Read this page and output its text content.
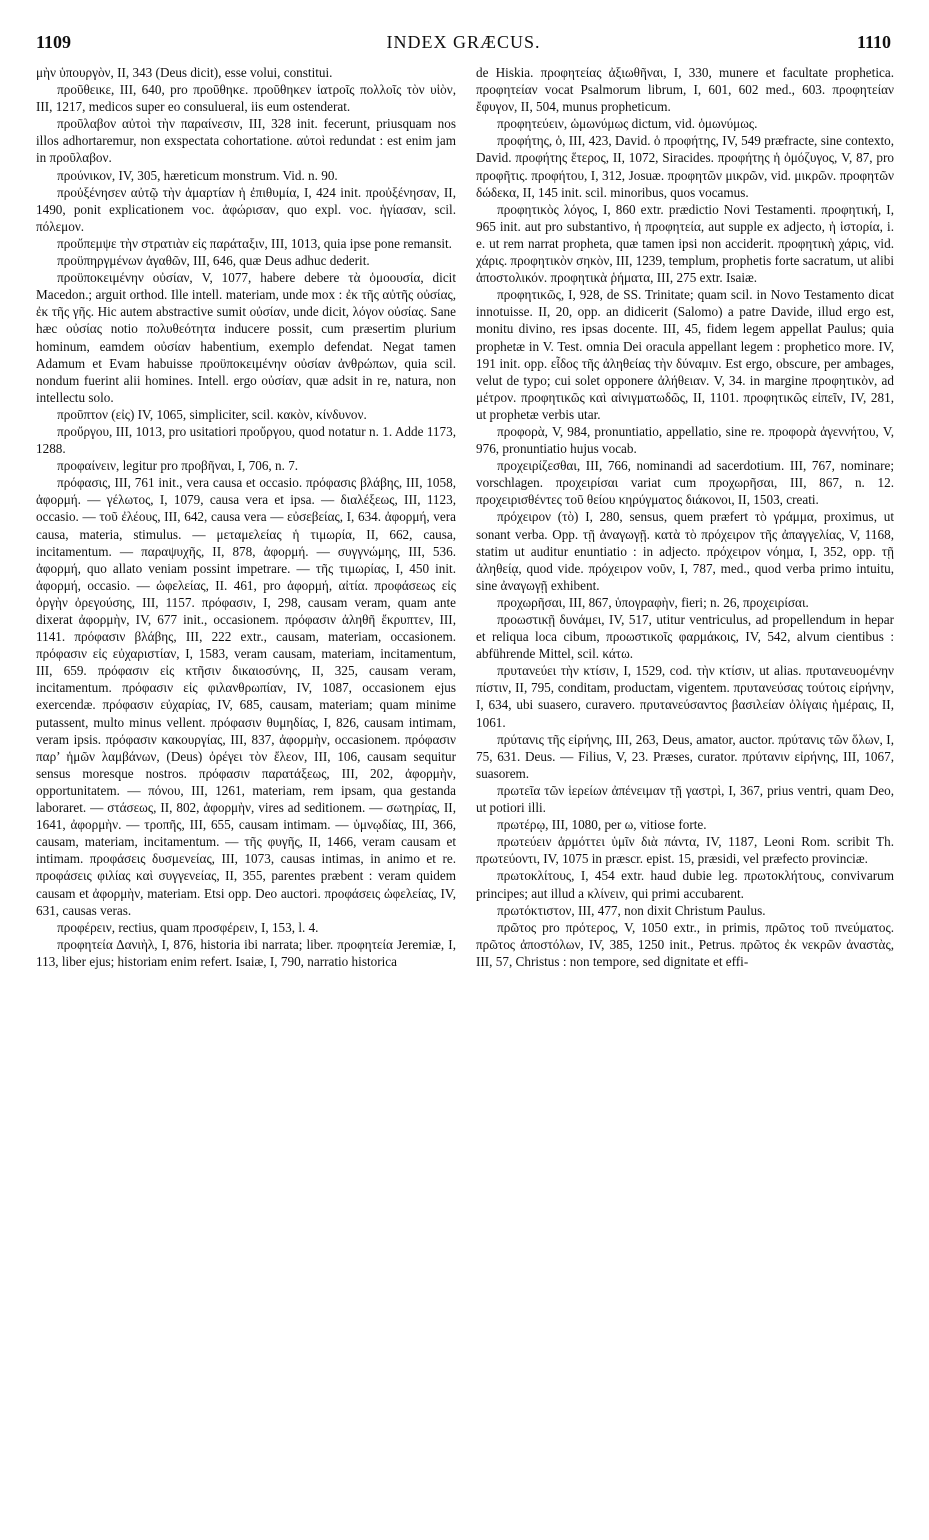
1109	INDEX GRÆCUS.	1110

μὴν ὑπουργὸν, II, 343 (Deus dicit), esse volui, constitui.

προῦθεικε, III, 640, pro προῦθηκε. προῦθηκεν ἰατροῖς πολλοῖς τὸν υἱὸν, III, 1217, medicos super eo consulueral, iis eum ostenderat.

προῦλαβον αὐτοὶ τὴν παραίνεσιν, III, 328 init. fecerunt, priusquam nos illos adhortaremur, non exspectata cohortatione. αὐτοὶ redundat : est enim jam in προῦλαβον.

προύνικον, IV, 305, hæreticum monstrum. Vid. n. 90.

προὐξένησεν αὐτῷ τὴν ἁμαρτίαν ἡ ἐπιθυμία, I, 424 init. προὐξένησαν, II, 1490, ponit explicationem voc. ἀφώρισαν, quo expl. voc. ἡγίασαν, scil. πόλεμον.

προὔπεμψε τὴν στρατιὰν εἰς παράταξιν, III, 1013, quia ipse pone remansit.

προϋπηργμένων ἀγαθῶν, III, 646, quæ Deus adhuc dederit.

προϋποκειμένην οὐσίαν, V, 1077, habere debere τὰ ὁμοουσία, dicit Macedon.; arguit orthod. Ille intell. materiam, unde mox : ἐκ τῆς αὐτῆς οὐσίας, ἐκ τῆς γῆς. Hic autem abstractive sumit οὐσίαν, unde dicit, λόγον οὐσίας. Sane hæc οὐσίας notio πολυθεότητα inducere possit, cum præsertim plurium hominum, eamdem οὐσίαν habentium, exemplo defendat. Negat tamen Adamum et Evam habuisse προϋποκειμένην οὐσίαν ἀνθρώπων, quia scil. nondum fuerint alii homines. Intell. ergo οὐσίαν, quæ adsit in re, natura, non intellectu solo.

προῦπτον (εἰς) IV, 1065, simpliciter, scil. κακὸν, κίνδυνον.

προὔργου, III, 1013, pro usitatiori προὔργου, quod notatur n. 1. Adde 1173, 1288.

προφαίνειν, legitur pro προβῆναι, I, 706, n. 7.

πρόφασις, III, 761 init., vera causa et occasio. πρόφασις βλάβης, III, 1058, ἀφορμή. — γέλωτος, I, 1079, causa vera et ipsa. — διαλέξεως, III, 1123, occasio. — τοῦ ἐλέους, III, 642, causa vera — εὐσεβείας, I, 634. ἀφορμή, vera causa, materia, stimulus. — μεταμελείας ἡ τιμωρία, II, 662, causa, incitamentum. — παραψυχῆς, II, 878, ἀφορμή. — συγγνώμης, III, 536. ἀφορμή, quo allato veniam possint impetrare. — τῆς τιμωρίας, I, 450 init. ἀφορμή, occasio. — ὠφελείας, II. 461, pro ἀφορμή, αἰτία. προφάσεως εἰς ὀργὴν ὀρεγούσης, III, 1157. πρόφασιν, I, 298, causam veram, quam ante dixerat ἀφορμὴν, IV, 677 init., occasionem. πρόφασιν ἀληθῆ ἔκρυπτεν, III, 1141. πρόφασιν βλάβης, III, 222 extr., causam, materiam, occasionem. πρόφασιν εἰς εὐχαριστίαν, I, 1583, veram causam, materiam, incitamentum, III, 659. πρόφασιν εἰς κτῆσιν δικαιοσύνης, II, 325, causam veram, incitamentum. πρόφασιν εἰς φιλανθρωπίαν, IV, 1087, occasionem ejus exercendæ. πρόφασιν εὐχαρίας, IV, 685, causam, materiam; quam minime putassent, multo minus vellent. πρόφασιν θυμηδίας, I, 826, causam intimam, veram ipsis. πρόφασιν κακουργίας, III, 837, ἀφορμὴν, occasionem. πρόφασιν παρ’ ἡμῶν λαμβάνων, (Deus) ὀρέγει τὸν ἔλεον, III, 106, causam sequitur sensus moresque nostros. πρόφασιν παρατάξεως, III, 202, ἀφορμὴν, opportunitatem. — πόνου, III, 1261, materiam, rem ipsam, qua gestanda laboraret. — στάσεως, II, 802, ἀφορμὴν, vires ad seditionem. — σωτηρίας, II, 1641, ἀφορμὴν. — τροπῆς, III, 655, causam intimam. — ὑμνῳδίας, III, 366, causam, materiam, incitamentum. — τῆς φυγῆς, II, 1466, veram causam et intimam. προφάσεις δυσμενείας, III, 1073, causas intimas, in animo et re. προφάσεις φιλίας καὶ συγγενείας, II, 355, parentes præbent : veram quidem causam et ἀφορμὴν, materiam. Etsi opp. Deo auctori. προφάσεις ὠφελείας, IV, 631, causas veras.

προφέρειν, rectius, quam προσφέρειν, I, 153, l. 4.

προφητεία Δανιὴλ, I, 876, historia ibi narrata; liber. προφητεία Jeremiæ, I, 113, liber ejus; historiam enim refert. Isaiæ, I, 790, narratio historica

de Hiskia. προφητείας ἀξιωθῆναι, I, 330, munere et facultate prophetica. προφητείαν vocat Psalmorum librum, I, 601, 602 med., 603. προφητείαν ἔφυγον, II, 504, munus propheticum.

προφητεύειν, ὡμωνύμως dictum, vid. ὁμωνύμως.

προφήτης, ὁ, III, 423, David. ὁ προφήτης, IV, 549 præfracte, sine contexto, David. προφήτης ἕτερος, II, 1072, Siracides. προφήτης ἡ ὁμόζυγος, V, 87, pro προφῆτις. προφήτου, I, 312, Josuæ. προφητῶν μικρῶν, vid. μικρῶν. προφητῶν δώδεκα, II, 145 init. scil. minoribus, quos vocamus.

προφητικὸς λόγος, I, 860 extr. prædictio Novi Testamenti. προφητική, I, 965 init. aut pro substantivo, ἡ προφητεία, aut supple ex adjecto, ἡ ἱστορία, i. e. ut rem narrat propheta, quæ tamen ipsi non acciderit. προφητικὴ χάρις, vid. χάρις. προφητικὸν σηκὸν, III, 1239, templum, prophetis forte sacratum, ut alibi ἀποστολικόν. προφητικὰ ῥήματα, III, 275 extr. Isaiæ.

προφητικῶς, I, 928, de SS. Trinitate; quam scil. in Novo Testamento dicat innotuisse. II, 20, opp. an didicerit (Salomo) a patre Davide, illud ergo est, monitu divino, res ipsas docente. III, 45, fidem legem appellat Paulus; quia prophetæ in V. Test. omnia Dei oracula appellant legem : prophetico more. IV, 191 init. opp. εἶδος τῆς ἀληθείας τὴν δύναμιν. Est ergo, obscure, per ambages, velut de typo; cui solet opponere ἀλήθειαν. V, 34. in margine προφητικὸν, ad μέτρον. προφητικῶς καὶ αἰνιγματωδῶς, II, 1101. προφητικῶς εἰπεῖν, IV, 281, ut prophetæ verbis utar.

προφορὰ, V, 984, pronuntiatio, appellatio, sine re. προφορὰ ἀγεννήτου, V, 976, pronuntiatio hujus vocab.

προχειρίζεσθαι, III, 766, nominandi ad sacerdotium. III, 767, nominare; vorschlagen. προχειρίσαι variat cum προχωρῆσαι, III, 867, n. 12. προχειρισθέντες τοῦ θείου κηρύγματος διάκονοι, II, 1503, creati.

πρόχειρον (τὸ) I, 280, sensus, quem præfert τὸ γράμμα, proximus, ut sonant verba. Opp. τῇ ἀναγωγῇ. κατὰ τὸ πρόχειρον τῆς ἀπαγγελίας, V, 1168, statim ut auditur enuntiatio : in adjecto. πρόχειρον νόημα, I, 352, opp. τῇ ἀληθείᾳ, quod vide. πρόχειρον νοῦν, I, 787, med., quod verba primo intuitu, sine ἀναγωγῇ exhibent.

προχωρῆσαι, III, 867, ὑπογραφὴν, fieri; n. 26, προχειρίσαι.

προωστικῇ δυνάμει, IV, 517, utitur ventriculus, ad propellendum in hepar et reliqua loca cibum, προωστικοῖς φαρμάκοις, IV, 542, alvum cientibus : abführende Mittel, scil. κάτω.

πρυτανεύει τὴν κτίσιν, I, 1529, cod. τὴν κτίσιν, ut alias. πρυτανευομένην πίστιν, II, 795, conditam, productam, vigentem. πρυτανεύσας τούτοις εἰρήνην, I, 634, ubi suasero, curavero. πρυτανεύσαντος βασιλείαν ὀλίγαις ἡμέραις, II, 1061.

πρύτανις τῆς εἰρήνης, III, 263, Deus, amator, auctor. πρύτανις τῶν ὅλων, I, 75, 631. Deus. — Filius, V, 23. Præses, curator. πρύτανιν εἰρήνης, III, 1067, suasorem.

πρωτεῖα τῶν ἱερείων ἀπένειμαν τῇ γαστρὶ, I, 367, prius ventri, quam Deo, ut potiori illi.

πρωτέρῳ, III, 1080, per ω, vitiose forte.

πρωτεύειν ἁρμόττει ὑμῖν διὰ πάντα, IV, 1187, Leoni Rom. scribit Th. πρωτεύοντι, IV, 1075 in præscr. epist. 15, præsidi, vel præfecto provinciæ.

πρωτοκλίτους, I, 454 extr. haud dubie leg. πρωτοκλήτους, convivarum principes; aut illud a κλίνειν, qui primi accubarent.

πρωτόκτιστον, III, 477, non dixit Christum Paulus.

πρῶτος pro πρότερος, V, 1050 extr., in primis, πρῶτος τοῦ πνεύματος. πρῶτος ἀποστόλων, IV, 385, 1250 init., Petrus. πρῶτος ἐκ νεκρῶν ἀναστὰς, III, 57, Christus : non tempore, sed dignitate et effi-
